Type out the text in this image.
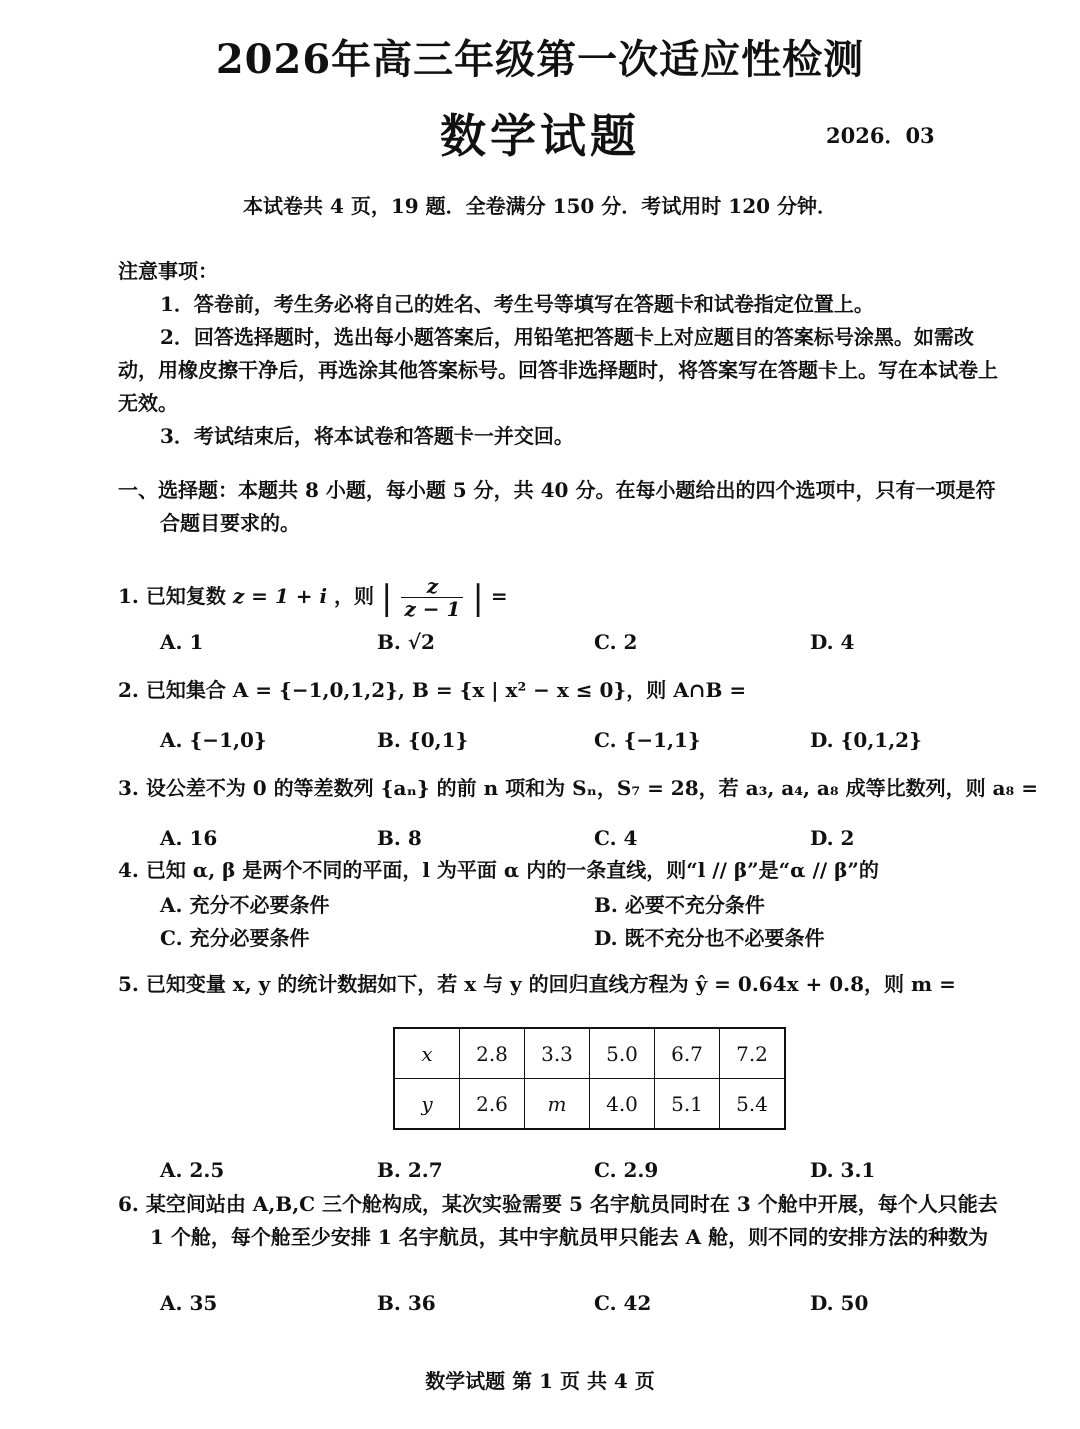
2026年高三年级第一次适应性检测
数学试题	2026．03
本试卷共 4 页，19 题．全卷满分 150 分．考试用时 120 分钟．
注意事项：
1．答卷前，考生务必将自己的姓名、考生号等填写在答题卡和试卷指定位置上。
2．回答选择题时，选出每小题答案后，用铅笔把答题卡上对应题目的答案标号涂黑。如需改动，用橡皮擦干净后，再选涂其他答案标号。回答非选择题时，将答案写在答题卡上。写在本试卷上无效。
3．考试结束后，将本试卷和答题卡一并交回。
一、选择题：本题共 8 小题，每小题 5 分，共 40 分。在每小题给出的四个选项中，只有一项是符合题目要求的。
1. 已知复数 z = 1 + i ，则 | $\frac{z}{z - 1}$ | =
A. 1	B. √2	C. 2	D. 4
2. 已知集合 A = {−1,0,1,2}, B = {x | x² − x ≤ 0}，则 A∩B =
A. {−1,0}	B. {0,1}	C. {−1,1}	D. {0,1,2}
3. 设公差不为 0 的等差数列 {aₙ} 的前 n 项和为 Sₙ，S₇ = 28，若 a₃, a₄, a₈ 成等比数列，则 a₈ =
A. 16	B. 8	C. 4	D. 2
4. 已知 α, β 是两个不同的平面，l 为平面 α 内的一条直线，则“l // β”是“α // β”的
A. 充分不必要条件	B. 必要不充分条件
C. 充分必要条件	D. 既不充分也不必要条件
5. 已知变量 x, y 的统计数据如下，若 x 与 y 的回归直线方程为 ŷ = 0.64x + 0.8，则 m =
x	2.8	3.3	5.0	6.7	7.2
y	2.6	m	4.0	5.1	5.4
A. 2.5	B. 2.7	C. 2.9	D. 3.1
6. 某空间站由 A,B,C 三个舱构成，某次实验需要 5 名宇航员同时在 3 个舱中开展，每个人只能去 1 个舱，每个舱至少安排 1 名宇航员，其中宇航员甲只能去 A 舱，则不同的安排方法的种数为
A. 35	B. 36	C. 42	D. 50
数学试题 第 1 页 共 4 页
